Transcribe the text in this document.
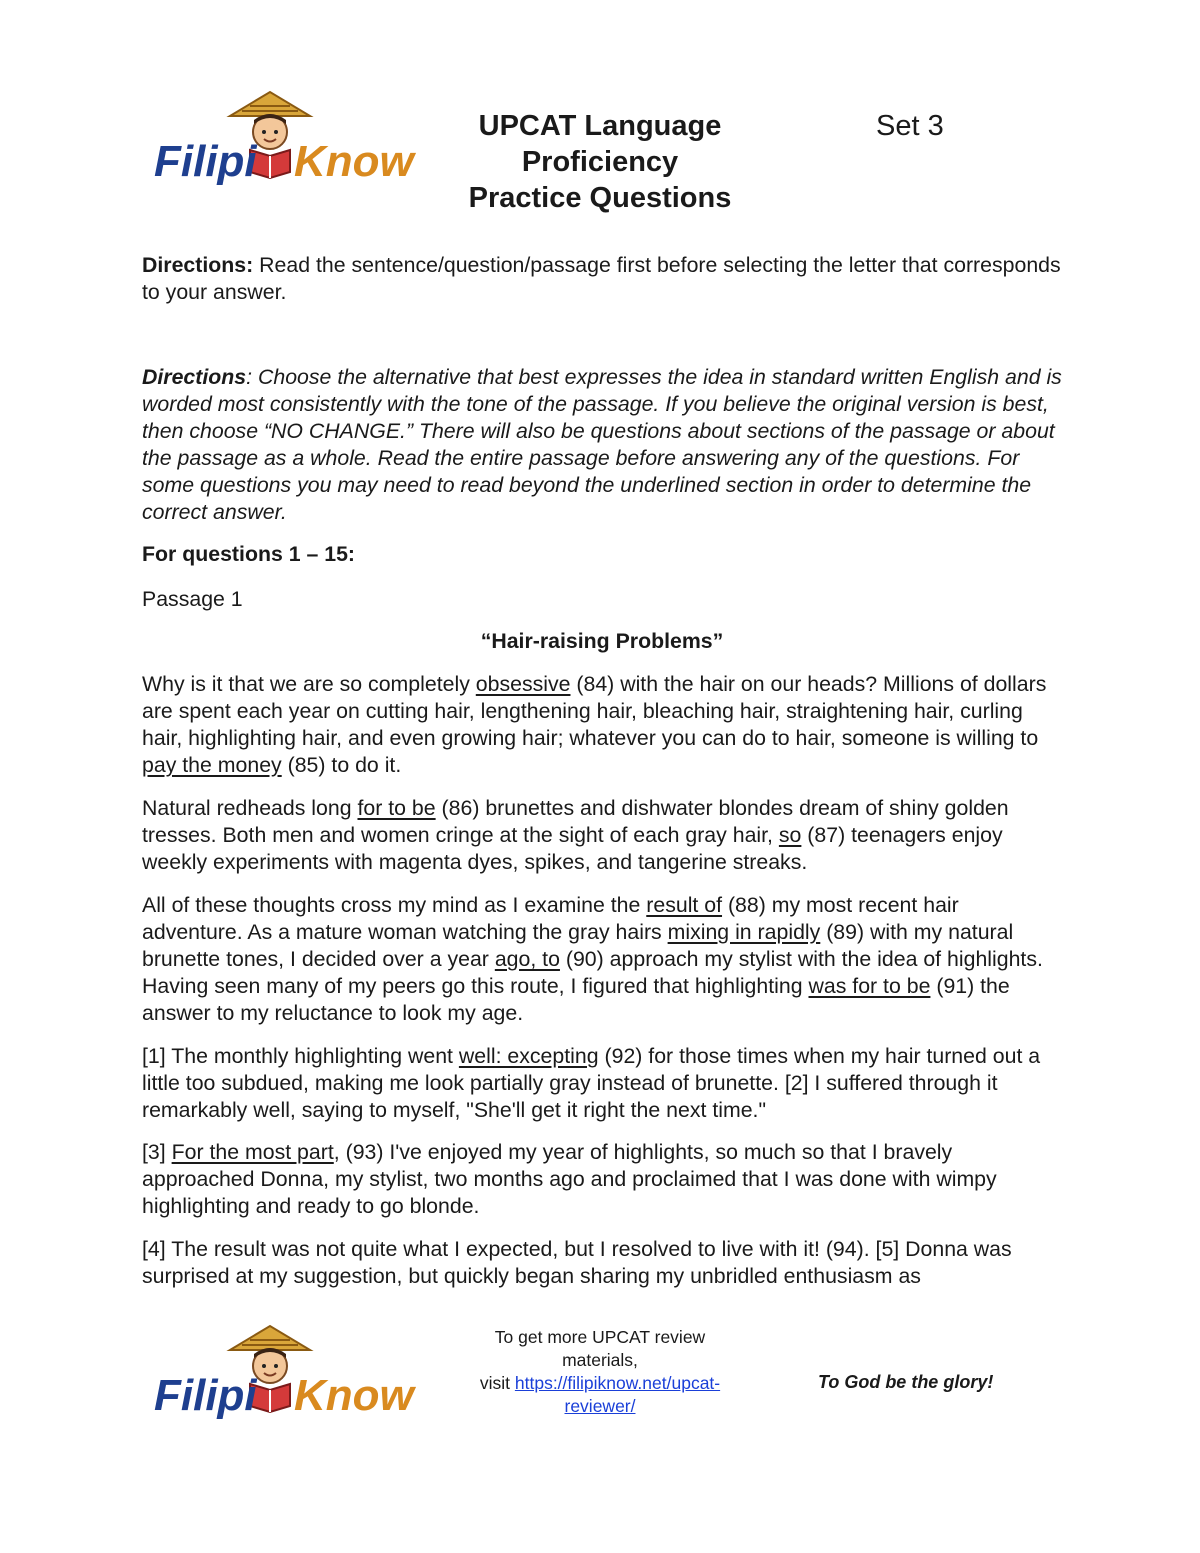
Filipi Know
UPCAT Language
Proficiency
Practice Questions
Set 3

Directions: Read the sentence/question/passage first before selecting the letter that corresponds to your answer.

Directions: Choose the alternative that best expresses the idea in standard written English and is worded most consistently with the tone of the passage. If you believe the original version is best, then choose “NO CHANGE.” There will also be questions about sections of the passage or about the passage as a whole. Read the entire passage before answering any of the questions. For some questions you may need to read beyond the underlined section in order to determine the correct answer.

For questions 1 – 15:
Passage 1
“Hair-raising Problems”

Why is it that we are so completely obsessive (84) with the hair on our heads? Millions of dollars are spent each year on cutting hair, lengthening hair, bleaching hair, straightening hair, curling hair, highlighting hair, and even growing hair; whatever you can do to hair, someone is willing to pay the money (85) to do it.

Natural redheads long for to be (86) brunettes and dishwater blondes dream of shiny golden tresses. Both men and women cringe at the sight of each gray hair, so (87) teenagers enjoy weekly experiments with magenta dyes, spikes, and tangerine streaks.

All of these thoughts cross my mind as I examine the result of (88) my most recent hair adventure. As a mature woman watching the gray hairs mixing in rapidly (89) with my natural brunette tones, I decided over a year ago, to (90) approach my stylist with the idea of highlights. Having seen many of my peers go this route, I figured that highlighting was for to be (91) the answer to my reluctance to look my age.

[1] The monthly highlighting went well: excepting (92) for those times when my hair turned out a little too subdued, making me look partially gray instead of brunette. [2] I suffered through it remarkably well, saying to myself, "She'll get it right the next time."

[3] For the most part, (93) I've enjoyed my year of highlights, so much so that I bravely approached Donna, my stylist, two months ago and proclaimed that I was done with wimpy highlighting and ready to go blonde.

[4] The result was not quite what I expected, but I resolved to live with it! (94). [5] Donna was surprised at my suggestion, but quickly began sharing my unbridled enthusiasm as

Filipi Know
To get more UPCAT review materials,
visit https://filipiknow.net/upcat-reviewer/
To God be the glory!
